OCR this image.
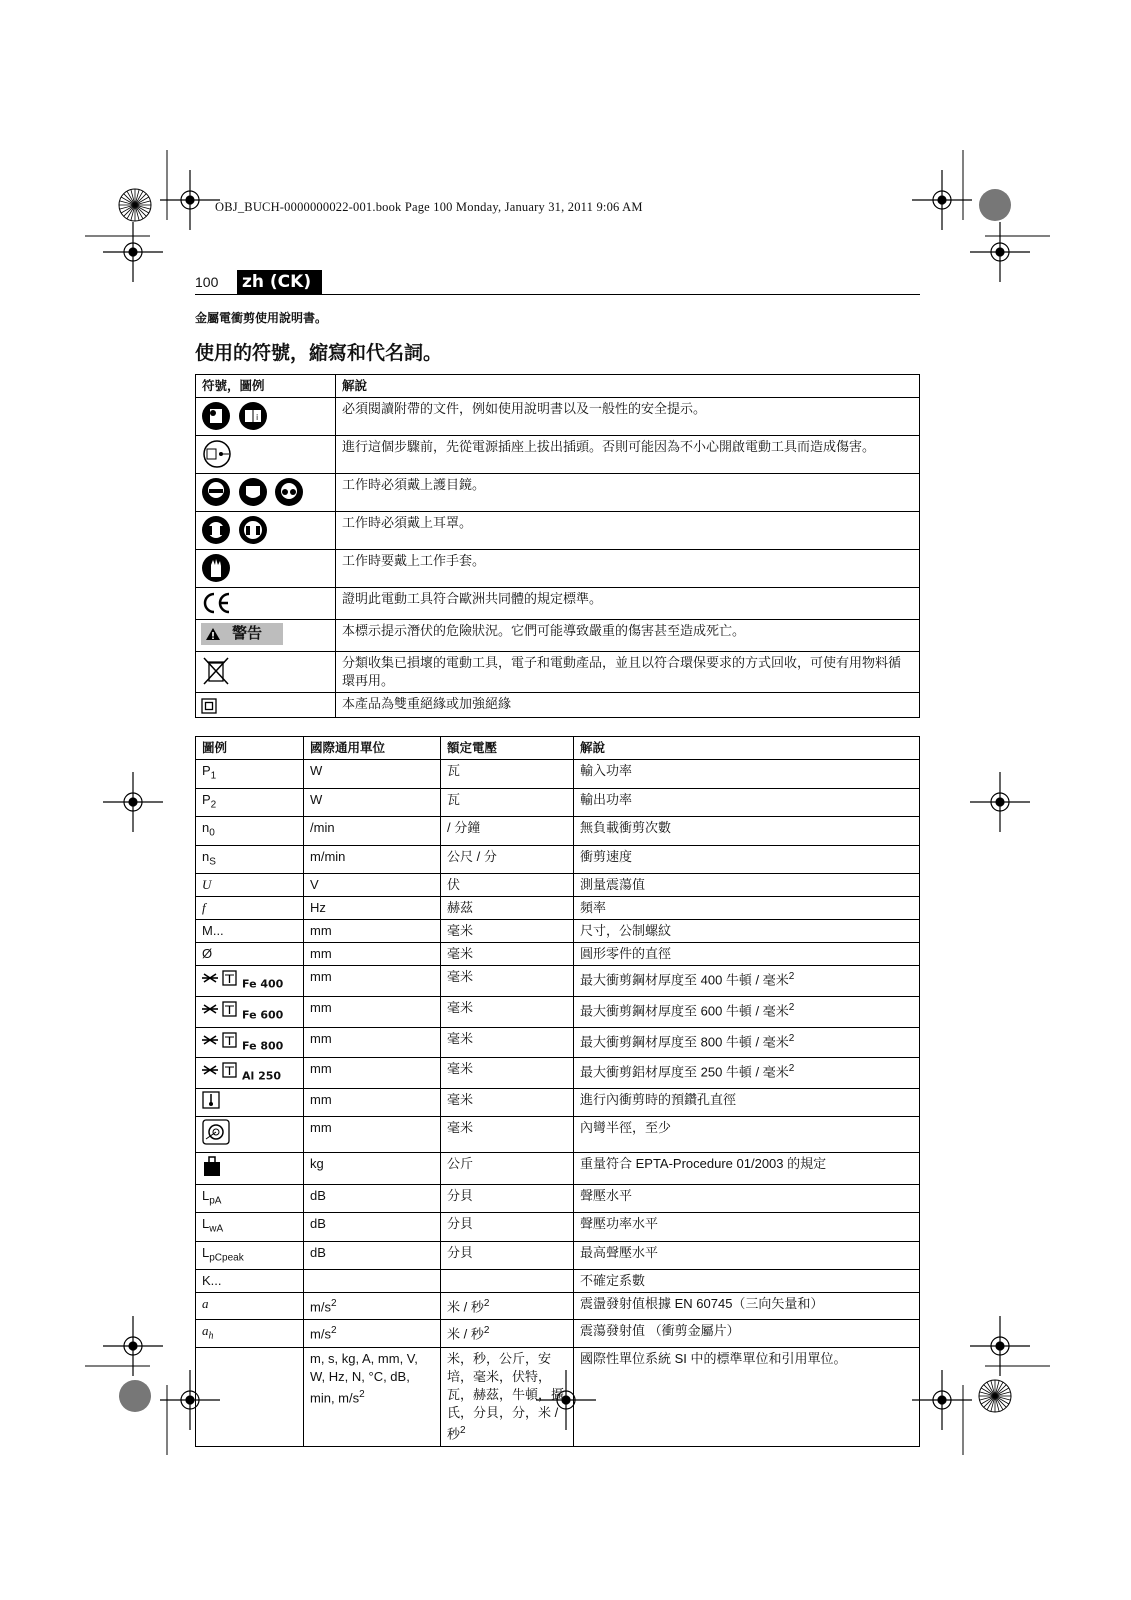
OBJ_BUCH-0000000022-001.book Page 100 Monday, January 31, 2011 9:06 AM
100 zh (CK)
金屬電衝剪使用說明書。
使用的符號，縮寫和代名詞。
符號，圖例	解說

i	必須閱讀附帶的文件，例如使用說明書以及一般性的安全提示。
	進行這個步驟前，先從電源插座上拔出插頭。否則可能因為不小心開啟電動工具而造成傷害。
	工作時必須戴上護目鏡。
	工作時必須戴上耳罩。
	工作時要戴上工作手套。
	證明此電動工具符合歐洲共同體的規定標準。

警告	本標示提示潛伏的危險狀況。它們可能導致嚴重的傷害甚至造成死亡。
	分類收集已損壞的電動工具，電子和電動產品，並且以符合環保要求的方式回收，可使有用物料循環再用。
	本產品為雙重絕緣或加強絕緣
圖例	國際通用單位	額定電壓	解說
$P_1$	W	瓦	輸入功率
$P_2$	W	瓦	輸出功率
$n_0$	/min	/ 分鐘	無負載衝剪次數
$n_S$	m/min	公尺 / 分	衝剪速度
U	V	伏	測量震蕩值
f	Hz	赫茲	頻率
M...	mm	毫米	尺寸，公制螺紋
Ø	mm	毫米	圓形零件的直徑
Fe 400	mm	毫米	最大衝剪鋼材厚度至 400 牛頓 / 毫米$^2$
Fe 600	mm	毫米	最大衝剪鋼材厚度至 600 牛頓 / 毫米$^2$
Fe 800	mm	毫米	最大衝剪鋼材厚度至 800 牛頓 / 毫米$^2$
Al 250	mm	毫米	最大衝剪鋁材厚度至 250 牛頓 / 毫米$^2$
	mm	毫米	進行內衝剪時的預鑽孔直徑
	mm	毫米	內彎半徑，至少
	kg	公斤	重量符合 EPTA-Procedure 01/2003 的規定
$L_{pA}$	dB	分貝	聲壓水平
$L_{wA}$	dB	分貝	聲壓功率水平
$L_{pCpeak}$	dB	分貝	最高聲壓水平
K...			不確定系數
a	$m/s^2$	米 / 秒$^2$	震盪發射值根據 EN 60745（三向矢量和）
$a_h$	$m/s^2$	米 / 秒$^2$	震蕩發射值 （衝剪金屬片）
	m, s, kg, A, mm, V, W, Hz, N, °C, dB, min, $m/s^2$	米，秒，公斤，安培，毫米，伏特，瓦，赫茲，牛頓，攝氏，分貝，分，米 / 秒$^2$	國際性單位系統 SI 中的標準單位和引用單位。
